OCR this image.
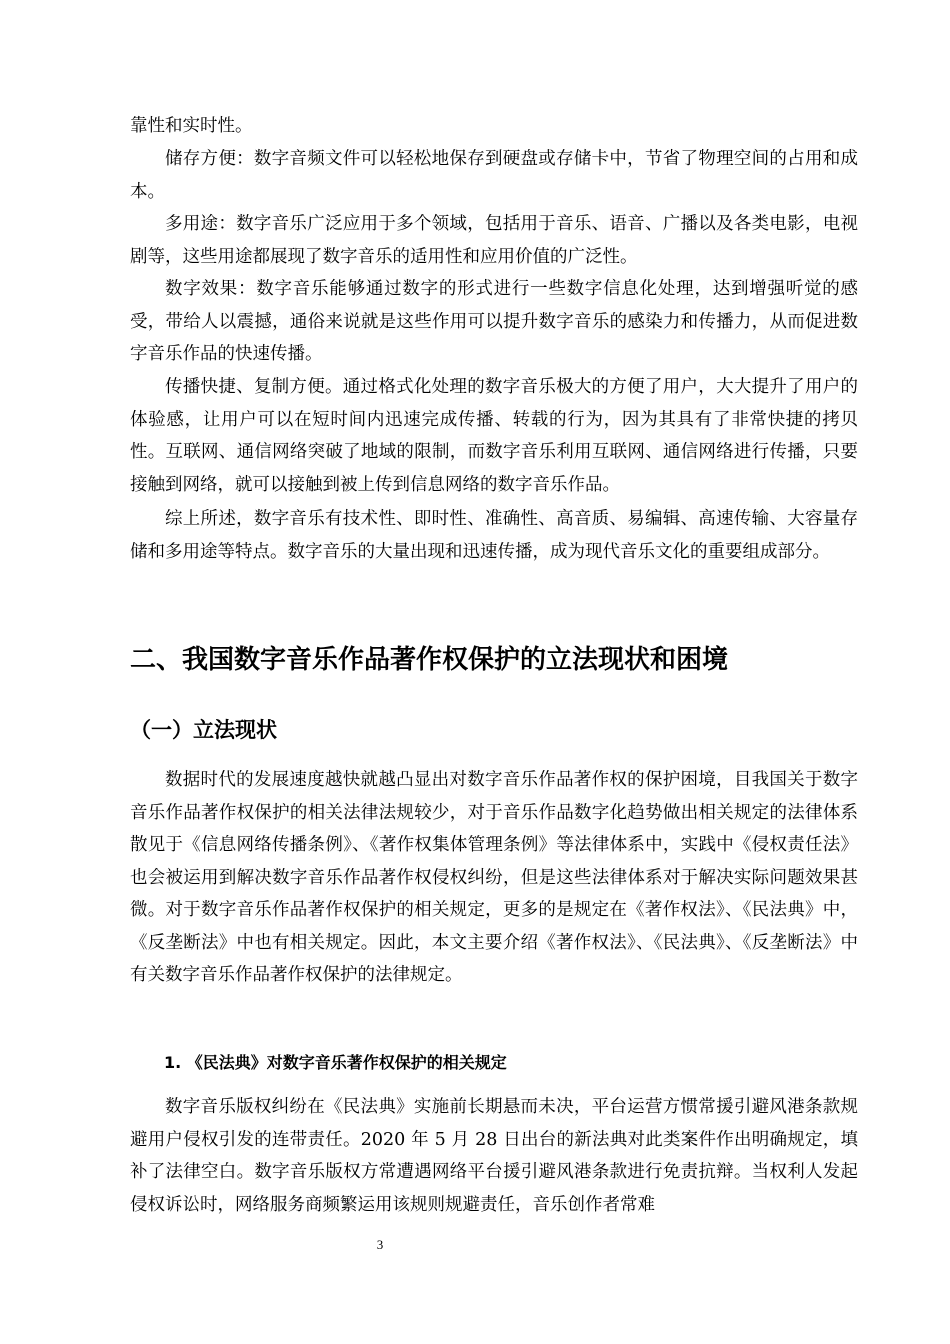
靠性和实时性。

储存方便：数字音频文件可以轻松地保存到硬盘或存储卡中，节省了物理空间的占用和成本。

多用途：数字音乐广泛应用于多个领域，包括用于音乐、语音、广播以及各类电影，电视剧等，这些用途都展现了数字音乐的适用性和应用价值的广泛性。

数字效果：数字音乐能够通过数字的形式进行一些数字信息化处理，达到增强听觉的感受，带给人以震撼，通俗来说就是这些作用可以提升数字音乐的感染力和传播力，从而促进数字音乐作品的快速传播。

传播快捷、复制方便。通过格式化处理的数字音乐极大的方便了用户，大大提升了用户的体验感，让用户可以在短时间内迅速完成传播、转载的行为，因为其具有了非常快捷的拷贝性。互联网、通信网络突破了地域的限制，而数字音乐利用互联网、通信网络进行传播，只要接触到网络，就可以接触到被上传到信息网络的数字音乐作品。

综上所述，数字音乐有技术性、即时性、准确性、高音质、易编辑、高速传输、大容量存储和多用途等特点。数字音乐的大量出现和迅速传播，成为现代音乐文化的重要组成部分。

二、我国数字音乐作品著作权保护的立法现状和困境
（一）立法现状

数据时代的发展速度越快就越凸显出对数字音乐作品著作权的保护困境，目我国关于数字音乐作品著作权保护的相关法律法规较少，对于音乐作品数字化趋势做出相关规定的法律体系散见于《信息网络传播条例》、《著作权集体管理条例》等法律体系中，实践中《侵权责任法》也会被运用到解决数字音乐作品著作权侵权纠纷，但是这些法律体系对于解决实际问题效果甚微。对于数字音乐作品著作权保护的相关规定，更多的是规定在《著作权法》、《民法典》中，《反垄断法》中也有相关规定。因此，本文主要介绍《著作权法》、《民法典》、《反垄断法》中有关数字音乐作品著作权保护的法律规定。

1. 《民法典》对数字音乐著作权保护的相关规定

数字音乐版权纠纷在《民法典》实施前长期悬而未决，平台运营方惯常援引避风港条款规避用户侵权引发的连带责任。2020 年 5 月 28 日出台的新法典对此类案件作出明确规定，填补了法律空白。数字音乐版权方常遭遇网络平台援引避风港条款进行免责抗辩。当权利人发起侵权诉讼时，网络服务商频繁运用该规则规避责任，音乐创作者常难

3
